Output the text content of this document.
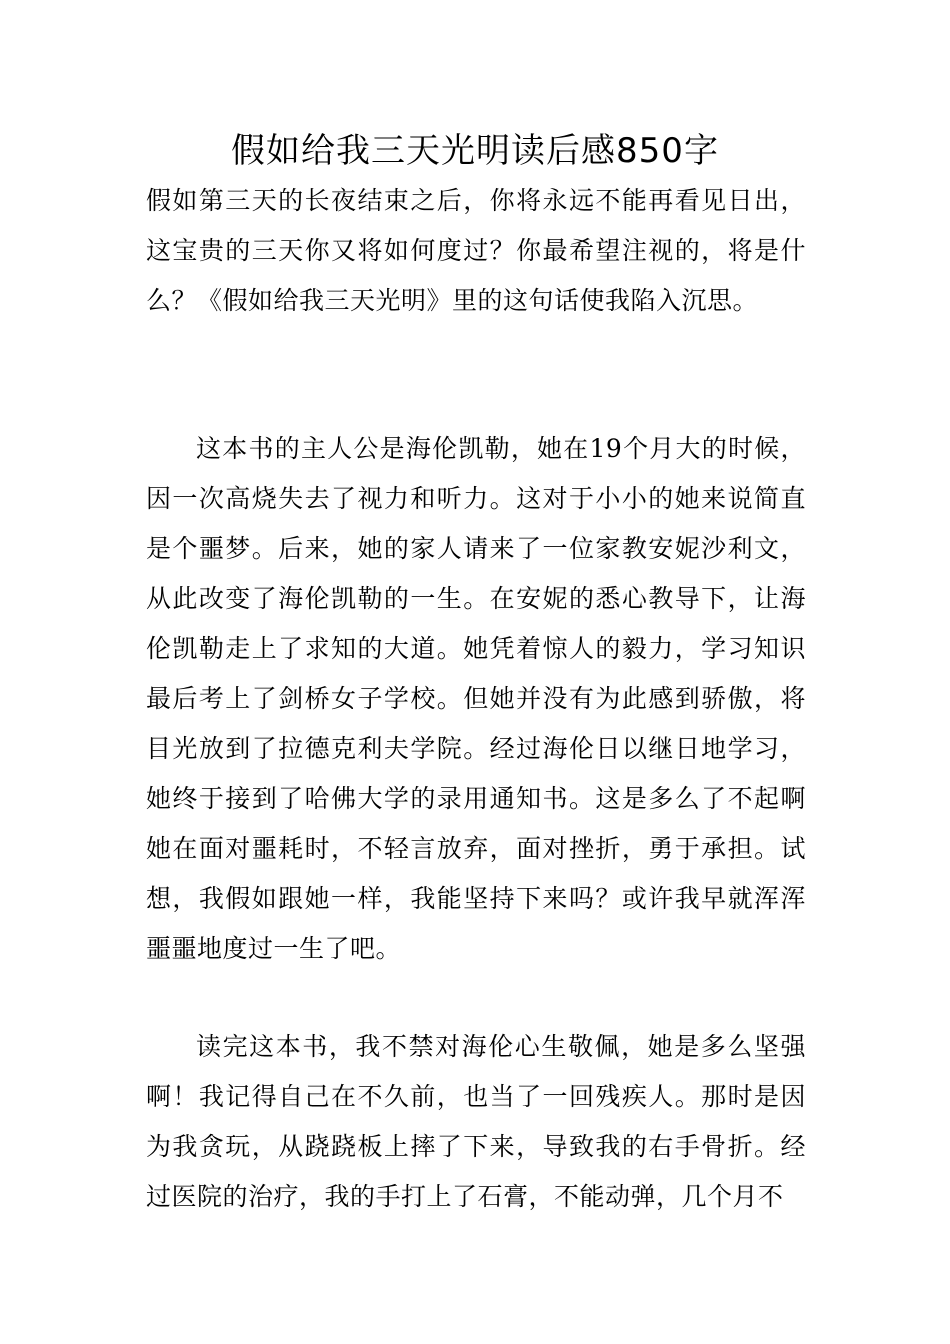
假如给我三天光明读后感850字

假如第三天的长夜结束之后，你将永远不能再看见日出，这宝贵的三天你又将如何度过？你最希望注视的，将是什么？《假如给我三天光明》里的这句话使我陷入沉思。

这本书的主人公是海伦凯勒，她在19个月大的时候，因一次高烧失去了视力和听力。这对于小小的她来说简直是个噩梦。后来，她的家人请来了一位家教安妮沙利文，从此改变了海伦凯勒的一生。在安妮的悉心教导下，让海伦凯勒走上了求知的大道。她凭着惊人的毅力，学习知识最后考上了剑桥女子学校。但她并没有为此感到骄傲，将目光放到了拉德克利夫学院。经过海伦日以继日地学习，她终于接到了哈佛大学的录用通知书。这是多么了不起啊她在面对噩耗时，不轻言放弃，面对挫折，勇于承担。试想，我假如跟她一样，我能坚持下来吗？或许我早就浑浑噩噩地度过一生了吧。

读完这本书，我不禁对海伦心生敬佩，她是多么坚强啊！我记得自己在不久前，也当了一回残疾人。那时是因为我贪玩，从跷跷板上摔了下来，导致我的右手骨折。经过医院的治疗，我的手打上了石膏，不能动弹，几个月不
